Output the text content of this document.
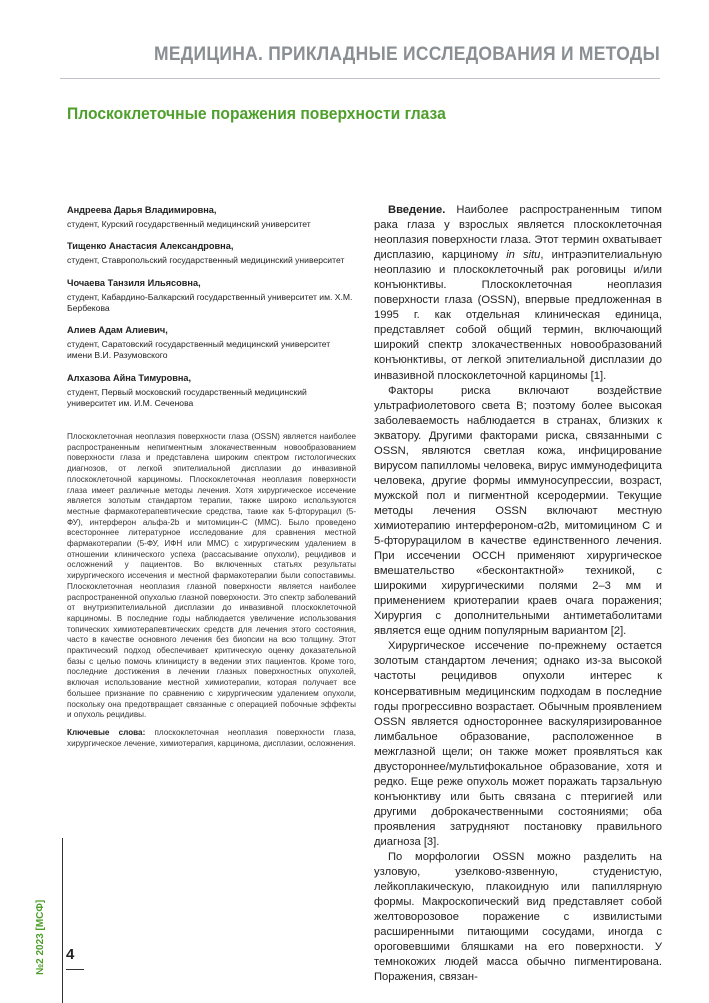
МЕДИЦИНА. ПРИКЛАДНЫЕ ИССЛЕДОВАНИЯ И МЕТОДЫ
Плоскоклеточные поражения поверхности глаза
Андреева Дарья Владимировна,
студент, Курский государственный медицинский университет
Тищенко Анастасия Александровна,
студент, Ставропольский государственный медицинский университет
Чочаева Танзиля Ильясовна,
студент, Кабардино-Балкарский государственный университет им. Х.М. Бербекова
Алиев Адам Алиевич,
студент, Саратовский государственный медицинский университет имени В.И. Разумовского
Алхазова Айна Тимуровна,
студент, Первый московский государственный медицинский университет им. И.М. Сеченова

Плоскоклеточная неоплазия поверхности глаза (OSSN) является наиболее распространенным непигментным злокачественным новообразованием поверхности глаза и представлена широким спектром гистологических диагнозов, от легкой эпителиальной дисплазии до инвазивной плоскоклеточной карциномы. Плоскоклеточная неоплазия поверхности глаза имеет различные методы лечения. Хотя хирургическое иссечение является золотым стандартом терапии, также широко используются местные фармакотерапевтические средства, такие как 5-фторурацил (5-ФУ), интерферон альфа-2b и митомицин-С (ММС). Было проведено всестороннее литературное исследование для сравнения местной фармакотерапии (5-ФУ, ИФН или ММС) с хирургическим удалением в отношении клинического успеха (рассасывание опухоли), рецидивов и осложнений у пациентов. Во включенных статьях результаты хирургического иссечения и местной фармакотерапии были сопоставимы. Плоскоклеточная неоплазия глазной поверхности является наиболее распространенной опухолью глазной поверхности. Это спектр заболеваний от внутриэпителиальной дисплазии до инвазивной плоскоклеточной карциномы. В последние годы наблюдается увеличение использования топических химиотерапевтических средств для лечения этого состояния, часто в качестве основного лечения без биопсии на всю толщину. Этот практический подход обеспечивает критическую оценку доказательной базы с целью помочь клиницисту в ведении этих пациентов. Кроме того, последние достижения в лечении глазных поверхностных опухолей, включая использование местной химиотерапии, которая получает все большее признание по сравнению с хирургическим удалением опухоли, поскольку она предотвращает связанные с операцией побочные эффекты и опухоль рецидивы.

Ключевые слова: плоскоклеточная неоплазия поверхности глаза, хирургическое лечение, химиотерапия, карцинома, дисплазии, осложнения.

Введение. Наиболее распространенным типом рака глаза у взрослых является плоскоклеточная неоплазия поверхности глаза. Этот термин охватывает дисплазию, карциному in situ, интраэпителиальную неоплазию и плоскоклеточный рак роговицы и/или конъюнктивы. Плоскоклеточная неоплазия поверхности глаза (OSSN), впервые предложенная в 1995 г. как отдельная клиническая единица, представляет собой общий термин, включающий широкий спектр злокачественных новообразований конъюнктивы, от легкой эпителиальной дисплазии до инвазивной плоскоклеточной карциномы [1].

Факторы риска включают воздействие ультрафиолетового света B; поэтому более высокая заболеваемость наблюдается в странах, близких к экватору. Другими факторами риска, связанными с OSSN, являются светлая кожа, инфицирование вирусом папилломы человека, вирус иммунодефицита человека, другие формы иммуносупрессии, возраст, мужской пол и пигментной ксеродермии. Текущие методы лечения OSSN включают местную химиотерапию интерфероном-α2b, митомицином С и 5-фторурацилом в качестве единственного лечения. При иссечении ОССН применяют хирургическое вмешательство «бесконтактной» техникой, с широкими хирургическими полями 2–3 мм и применением криотерапии краев очага поражения; Хирургия с дополнительными антиметаболитами является еще одним популярным вариантом [2].

Хирургическое иссечение по-прежнему остается золотым стандартом лечения; однако из-за высокой частоты рецидивов опухоли интерес к консервативным медицинским подходам в последние годы прогрессивно возрастает. Обычным проявлением OSSN является одностороннее васкуляризированное лимбальное образование, расположенное в межглазной щели; он также может проявляться как двустороннее/мультифокальное образование, хотя и редко. Еще реже опухоль может поражать тарзальную конъюнктиву или быть связана с птеригией или другими доброкачественными состояниями; оба проявления затрудняют постановку правильного диагноза [3].

По морфологии OSSN можно разделить на узловую, узелково-язвенную, студенистую, лейкоплакическую, плакоидную или папиллярную формы. Макроскопический вид представляет собой желтоворозовое поражение с извилистыми расширенными питающими сосудами, иногда с ороговевшими бляшками на его поверхности. У темнокожих людей масса обычно пигментирована. Поражения, связан-

№2 2023 [МСФ] 4
